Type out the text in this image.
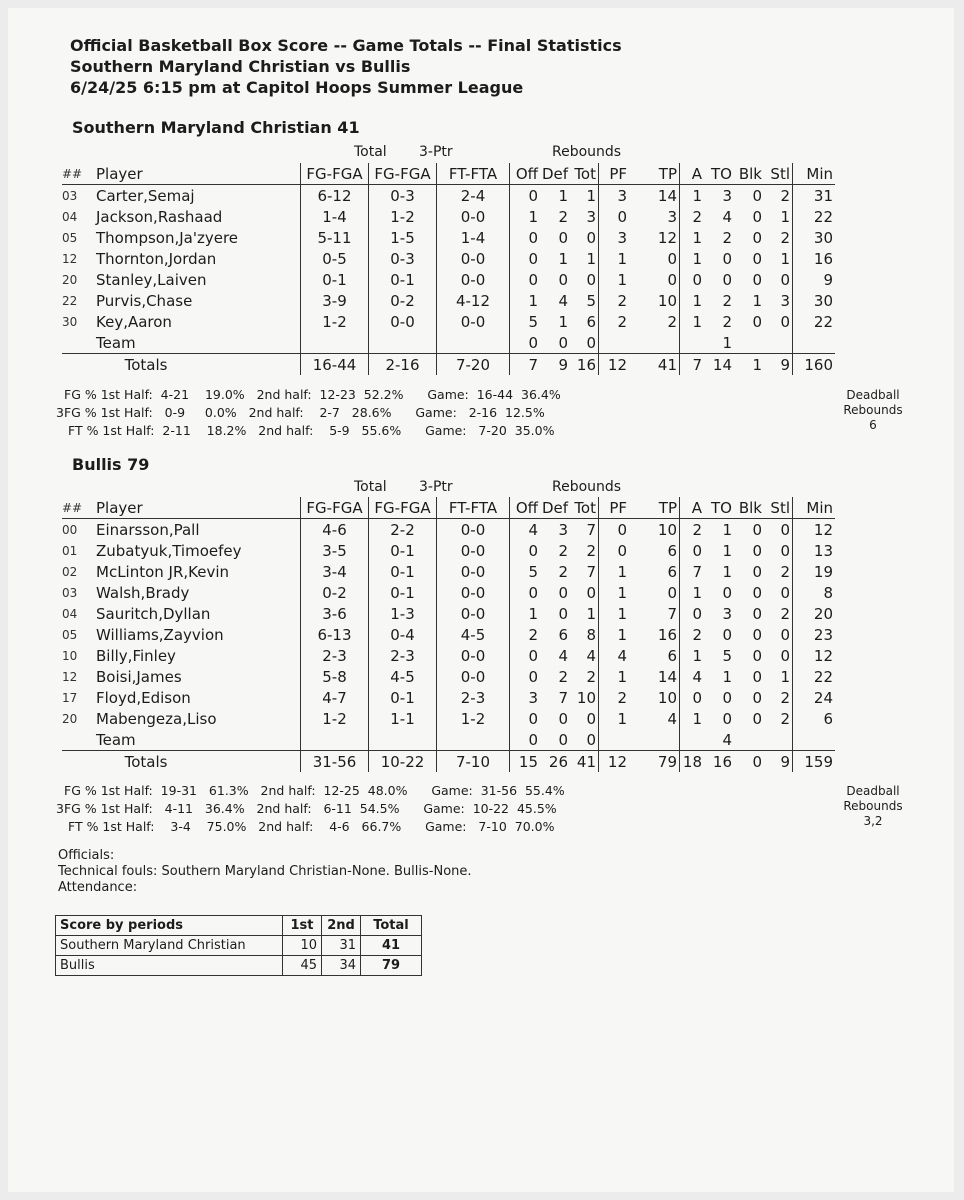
Official Basketball Box Score -- Game Totals -- Final Statistics
Southern Maryland Christian vs Bullis
6/24/25 6:15 pm at Capitol Hoops Summer League
Southern Maryland Christian 41
Total 3-Ptr	Rebounds
##	Player	FG-FGA	FG-FGA	FT-FTA	Off	Def	Tot	PF	TP	A	TO	Blk	Stl	Min
03	Carter,Semaj	6-12	0-3	2-4	0	1	1	3	14	1	3	0	2	31
04	Jackson,Rashaad	1-4	1-2	0-0	1	2	3	0	3	2	4	0	1	22
05	Thompson,Ja'zyere	5-11	1-5	1-4	0	0	0	3	12	1	2	0	2	30
12	Thornton,Jordan	0-5	0-3	0-0	0	1	1	1	0	1	0	0	1	16
20	Stanley,Laiven	0-1	0-1	0-0	0	0	0	1	0	0	0	0	0	9
22	Purvis,Chase	3-9	0-2	4-12	1	4	5	2	10	1	2	1	3	30
30	Key,Aaron	1-2	0-0	0-0	5	1	6	2	2	1	2	0	0	22
	Team				0	0	0				1			
	Totals	16-44	2-16	7-20	7	9	16	12	41	7	14	1	9	160
FG % 1st Half:  4-21    19.0%   2nd half:  12-23  52.2%      Game:  16-44  36.4%
3FG % 1st Half:   0-9     0.0%   2nd half:    2-7   28.6%      Game:   2-16  12.5%
FT % 1st Half:  2-11    18.2%   2nd half:    5-9   55.6%      Game:   7-20  35.0%
Deadball
Rebounds
6
Bullis 79
Total 3-Ptr	Rebounds
##	Player	FG-FGA	FG-FGA	FT-FTA	Off	Def	Tot	PF	TP	A	TO	Blk	Stl	Min
00	Einarsson,Pall	4-6	2-2	0-0	4	3	7	0	10	2	1	0	0	12
01	Zubatyuk,Timoefey	3-5	0-1	0-0	0	2	2	0	6	0	1	0	0	13
02	McLinton JR,Kevin	3-4	0-1	0-0	5	2	7	1	6	7	1	0	2	19
03	Walsh,Brady	0-2	0-1	0-0	0	0	0	1	0	1	0	0	0	8
04	Sauritch,Dyllan	3-6	1-3	0-0	1	0	1	1	7	0	3	0	2	20
05	Williams,Zayvion	6-13	0-4	4-5	2	6	8	1	16	2	0	0	0	23
10	Billy,Finley	2-3	2-3	0-0	0	4	4	4	6	1	5	0	0	12
12	Boisi,James	5-8	4-5	0-0	0	2	2	1	14	4	1	0	1	22
17	Floyd,Edison	4-7	0-1	2-3	3	7	10	2	10	0	0	0	2	24
20	Mabengeza,Liso	1-2	1-1	1-2	0	0	0	1	4	1	0	0	2	6
	Team				0	0	0				4			
	Totals	31-56	10-22	7-10	15	26	41	12	79	18	16	0	9	159
FG % 1st Half:  19-31   61.3%   2nd half:  12-25  48.0%      Game:  31-56  55.4%
3FG % 1st Half:   4-11   36.4%   2nd half:   6-11  54.5%      Game:  10-22  45.5%
FT % 1st Half:    3-4    75.0%   2nd half:    4-6   66.7%      Game:   7-10  70.0%
Deadball
Rebounds
3,2
Officials:
Technical fouls: Southern Maryland Christian-None. Bullis-None.
Attendance:
Score by periods	1st	2nd	Total
Southern Maryland Christian	10	31	41
Bullis	45	34	79
